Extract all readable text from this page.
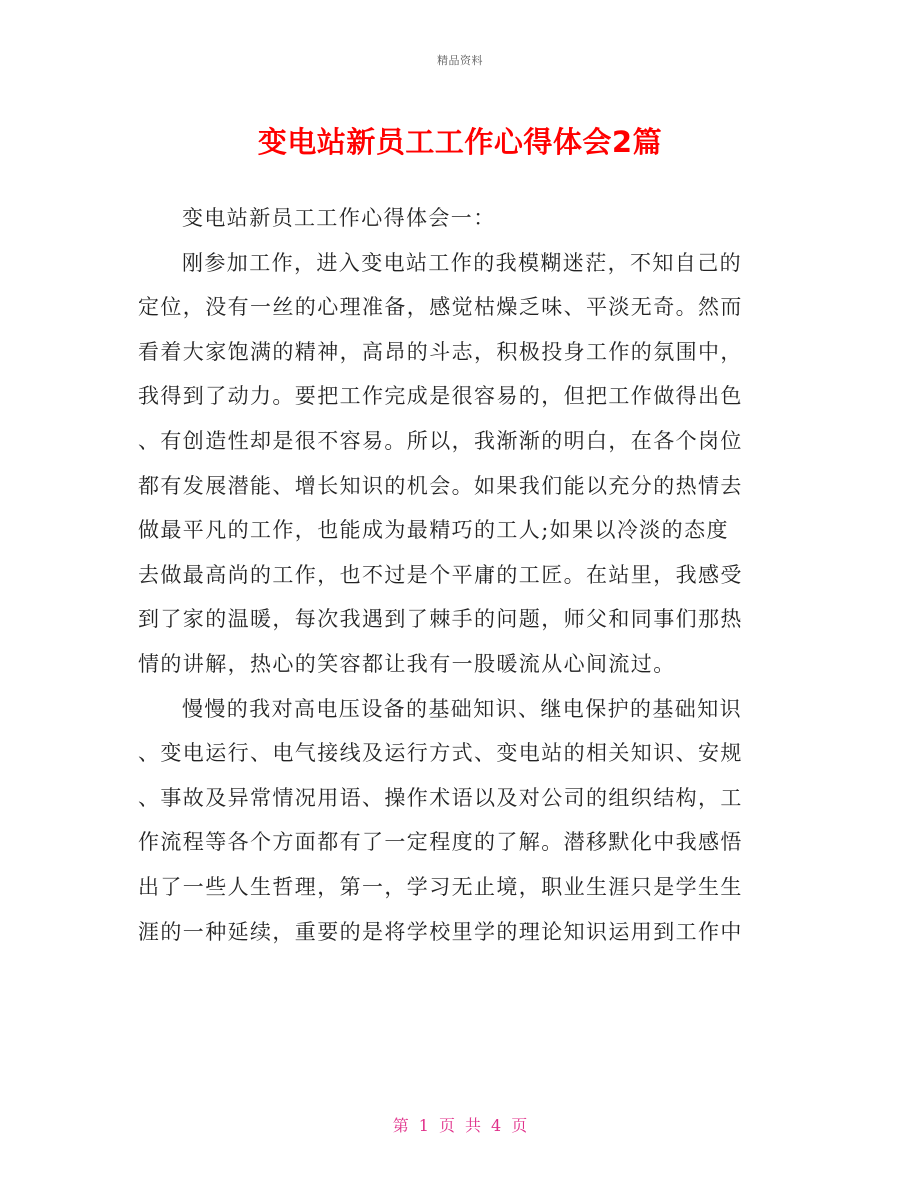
精品资料
变电站新员工工作心得体会2篇

变电站新员工工作心得体会一：

刚参加工作，进入变电站工作的我模糊迷茫，不知自己的
定位，没有一丝的心理准备，感觉枯燥乏味、平淡无奇。然而
看着大家饱满的精神，高昂的斗志，积极投身工作的氛围中，
我得到了动力。要把工作完成是很容易的，但把工作做得出色
、有创造性却是很不容易。所以，我渐渐的明白，在各个岗位
都有发展潜能、增长知识的机会。如果我们能以充分的热情去
做最平凡的工作，也能成为最精巧的工人;如果以冷淡的态度
去做最高尚的工作，也不过是个平庸的工匠。在站里，我感受
到了家的温暖，每次我遇到了棘手的问题，师父和同事们那热
情的讲解，热心的笑容都让我有一股暖流从心间流过。

慢慢的我对高电压设备的基础知识、继电保护的基础知识
、变电运行、电气接线及运行方式、变电站的相关知识、安规
、事故及异常情况用语、操作术语以及对公司的组织结构，工
作流程等各个方面都有了一定程度的了解。潜移默化中我感悟
出了一些人生哲理，第一，学习无止境，职业生涯只是学生生
涯的一种延续，重要的是将学校里学的理论知识运用到工作中

第 1 页 共 4 页
